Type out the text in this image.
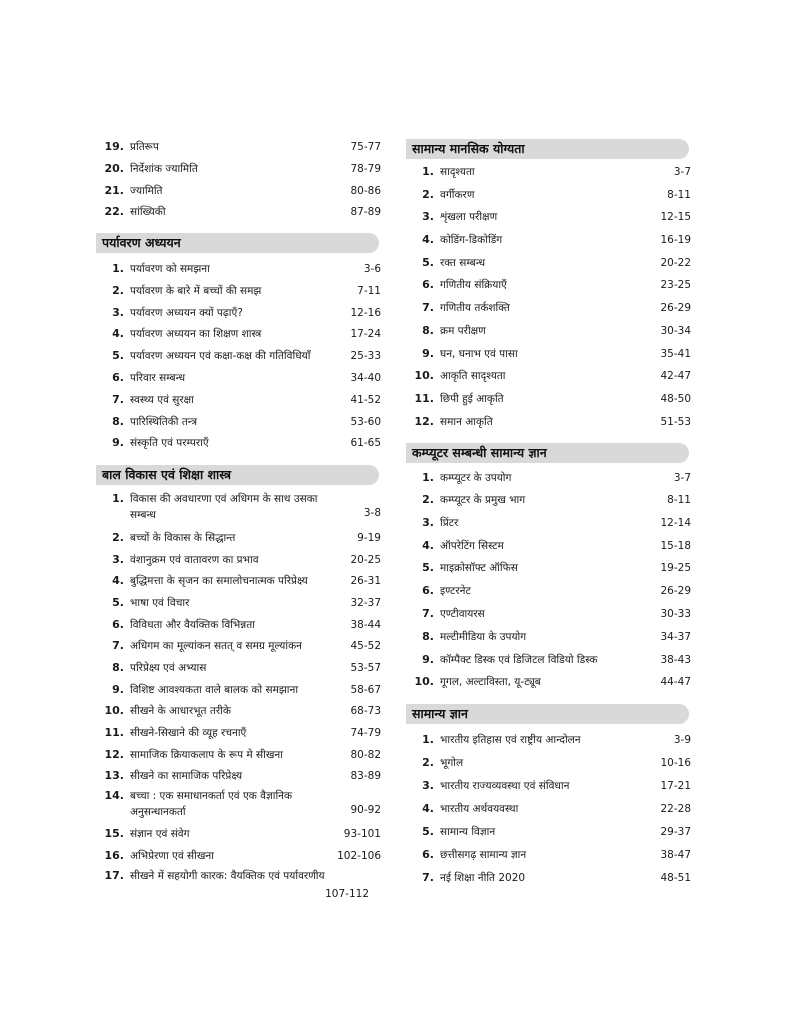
19. प्रतिरूप	75-77
20. निर्देशांक ज्यामिति	78-79
21. ज्यामिति	80-86
22. सांख्यिकी	87-89
पर्यावरण अध्ययन
1. पर्यावरण को समझना	3-6
2. पर्यावरण के बारे में बच्चों की समझ	7-11
3. पर्यावरण अध्ययन क्यों पढ़ाएँ?	12-16
4. पर्यावरण अध्ययन का शिक्षण शास्त्र	17-24
5. पर्यावरण अध्ययन एवं कक्षा-कक्ष की गतिविधियाँ	25-33
6. परिवार सम्बन्ध	34-40
7. स्वस्थ्य एवं सुरक्षा	41-52
8. पारिस्थितिकी तन्त्र	53-60
9. संस्कृति एवं परम्पराएँ	61-65
बाल विकास एवं शिक्षा शास्त्र
1. विकास की अवधारणा एवं अधिगम के साथ उसका सम्बन्ध	3-8
2. बच्चों के विकास के सिद्धान्त	9-19
3. वंशानुक्रम एवं वातावरण का प्रभाव	20-25
4. बुद्धिमत्ता के सृजन का समालोचनात्मक परिप्रेक्ष्य	26-31
5. भाषा एवं विचार	32-37
6. विविधता और वैयक्तिक विभिन्नता	38-44
7. अधिगम का मूल्यांकन सतत् व समग्र मूल्यांकन	45-52
8. परिप्रेक्ष्य एवं अभ्यास	53-57
9. विशिष्ट आवश्यकता वाले बालक को समझाना	58-67
10. सीखने के आधारभूत तरीके	68-73
11. सीखने-सिखाने की व्यूह रचनाएँ	74-79
12. सामाजिक क्रियाकलाप के रूप मे सीखना	80-82
13. सीखने का सामाजिक परिप्रेक्ष्य	83-89
14. बच्चा : एक समाधानकर्ता एवं एक वैज्ञानिक अनुसन्धानकर्ता	90-92
15. संज्ञान एवं संवेग	93-101
16. अभिप्रेरणा एवं सीखना	102-106
17. सीखने में सहयोगी कारक: वैयक्तिक एवं पर्यावरणीय
107-112
सामान्य मानसिक योग्यता
1. सादृश्यता	3-7
2. वर्गीकरण	8-11
3. शृंखला परीक्षण	12-15
4. कोडिंग-डिकोडिंग	16-19
5. रक्त सम्बन्ध	20-22
6. गणितीय संक्रियाएँ	23-25
7. गणितीय तर्कशक्ति	26-29
8. क्रम परीक्षण	30-34
9. घन, घनाभ एवं पासा	35-41
10. आकृति सादृश्यता	42-47
11. छिपी हुई आकृति	48-50
12. समान आकृति	51-53
कम्प्यूटर सम्बन्धी सामान्य ज्ञान
1. कम्प्यूटर के उपयोग	3-7
2. कम्प्यूटर के प्रमुख भाग	8-11
3. प्रिंटर	12-14
4. ऑपरेटिंग सिस्टम	15-18
5. माइक्रोसॉफ्ट ऑफिस	19-25
6. इण्टरनेट	26-29
7. एण्टीवायरस	30-33
8. मल्टीमीडिया के उपयोग	34-37
9. कॉम्पैक्ट डिस्क एवं डिजिटल विडियो डिस्क	38-43
10. गूगल, अल्टाविस्ता, यू-ट्यूब	44-47
सामान्य ज्ञान
1. भारतीय इतिहास एवं राष्ट्रीय आन्दोलन	3-9
2. भूगोल	10-16
3. भारतीय राज्यव्यवस्था एवं संविधान	17-21
4. भारतीय अर्थवयवस्था	22-28
5. सामान्य विज्ञान	29-37
6. छत्तीसगढ़ सामान्य ज्ञान	38-47
7. नई शिक्षा नीति 2020	48-51
